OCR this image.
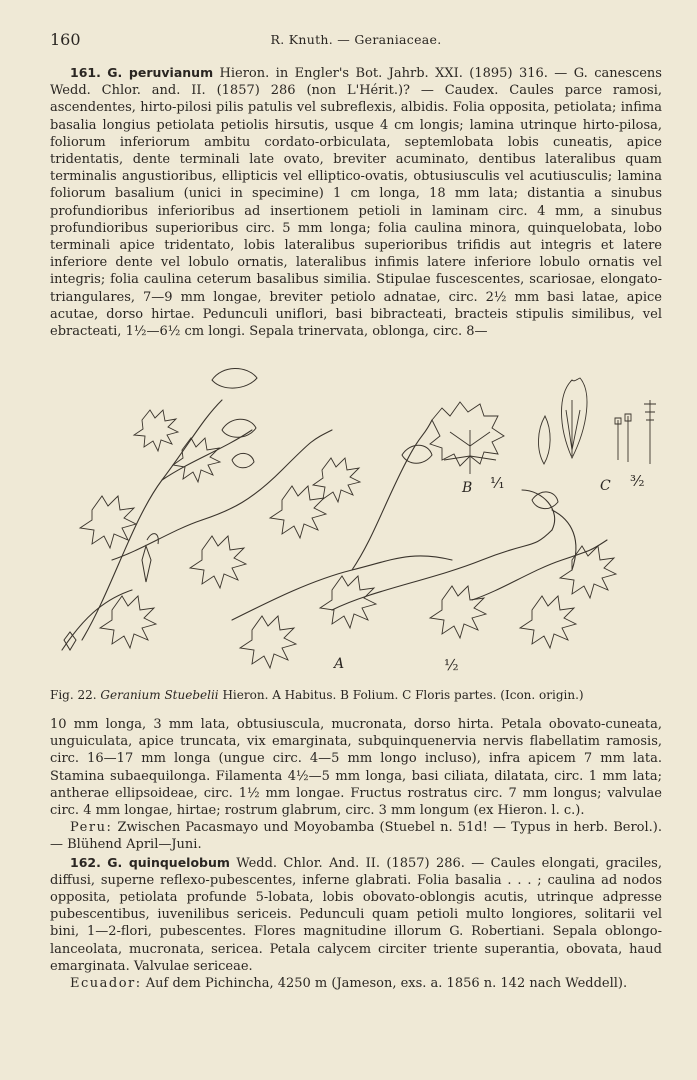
160	R. Knuth. — Geraniaceae.

161. G. peruvianum Hieron. in Engler's Bot. Jahrb. XXI. (1895) 316. — G. canescens Wedd. Chlor. and. II. (1857) 286 (non L'Hérit.)? — Caudex. Caules parce ramosi, ascendentes, hirto-pilosi pilis patulis vel subreflexis, albidis. Folia opposita, petiolata; infima basalia longius petiolata petiolis hirsutis, usque 4 cm longis; lamina utrinque hirto-pilosa, foliorum inferiorum ambitu cordato-orbiculata, septemlobata lobis cuneatis, apice tridentatis, dente terminali late ovato, breviter acuminato, dentibus lateralibus quam terminalis angustioribus, ellipticis vel elliptico-ovatis, obtusiusculis vel acutiusculis; lamina foliorum basalium (unici in specimine) 1 cm longa, 18 mm lata; distantia a sinubus profundioribus inferioribus ad insertionem petioli in laminam circ. 4 mm, a sinubus profundioribus superioribus circ. 5 mm longa; folia caulina minora, quinquelobata, lobo terminali apice tridentato, lobis lateralibus superioribus trifidis aut integris et latere inferiore dente vel lobulo ornatis, lateralibus infimis latere inferiore lobulo ornatis vel integris; folia caulina ceterum basalibus similia. Stipulae fuscescentes, scariosae, elongato-triangulares, 7—9 mm longae, breviter petiolo adnatae, circ. 2½ mm basi latae, apice acutae, dorso hirtae. Pedunculi uniflori, basi bibracteati, bracteis stipulis similibus, vel ebracteati, 1½—6½ cm longi. Sepala trinervata, oblonga, circ. 8—

A	½
B ¹⁄₁	C ³⁄₂
Fig. 22. Geranium Stuebelii Hieron. A Habitus. B Folium. C Floris partes. (Icon. origin.)

10 mm longa, 3 mm lata, obtusiuscula, mucronata, dorso hirta. Petala obovato-cuneata, unguiculata, apice truncata, vix emarginata, subquinquenervia nervis flabellatim ramosis, circ. 16—17 mm longa (ungue circ. 4—5 mm longo incluso), infra apicem 7 mm lata. Stamina subaequilonga. Filamenta 4½—5 mm longa, basi ciliata, dilatata, circ. 1 mm lata; antherae ellipsoideae, circ. 1½ mm longae. Fructus rostratus circ. 7 mm longus; valvulae circ. 4 mm longae, hirtae; rostrum glabrum, circ. 3 mm longum (ex Hieron. l. c.).

Peru: Zwischen Pacasmayo und Moyobamba (Stuebel n. 51d! — Typus in herb. Berol.). — Blühend April—Juni.

162. G. quinquelobum Wedd. Chlor. And. II. (1857) 286. — Caules elongati, graciles, diffusi, superne reflexo-pubescentes, inferne glabrati. Folia basalia . . . ; caulina ad nodos opposita, petiolata profunde 5-lobata, lobis obovato-oblongis acutis, utrinque adpresse pubescentibus, iuvenilibus sericeis. Pedunculi quam petioli multo longiores, solitarii vel bini, 1—2-flori, pubescentes. Flores magnitudine illorum G. Robertiani. Sepala oblongo-lanceolata, mucronata, sericea. Petala calycem circiter triente superantia, obovata, haud emarginata. Valvulae sericeae.

Ecuador: Auf dem Pichincha, 4250 m (Jameson, exs. a. 1856 n. 142 nach Weddell).
